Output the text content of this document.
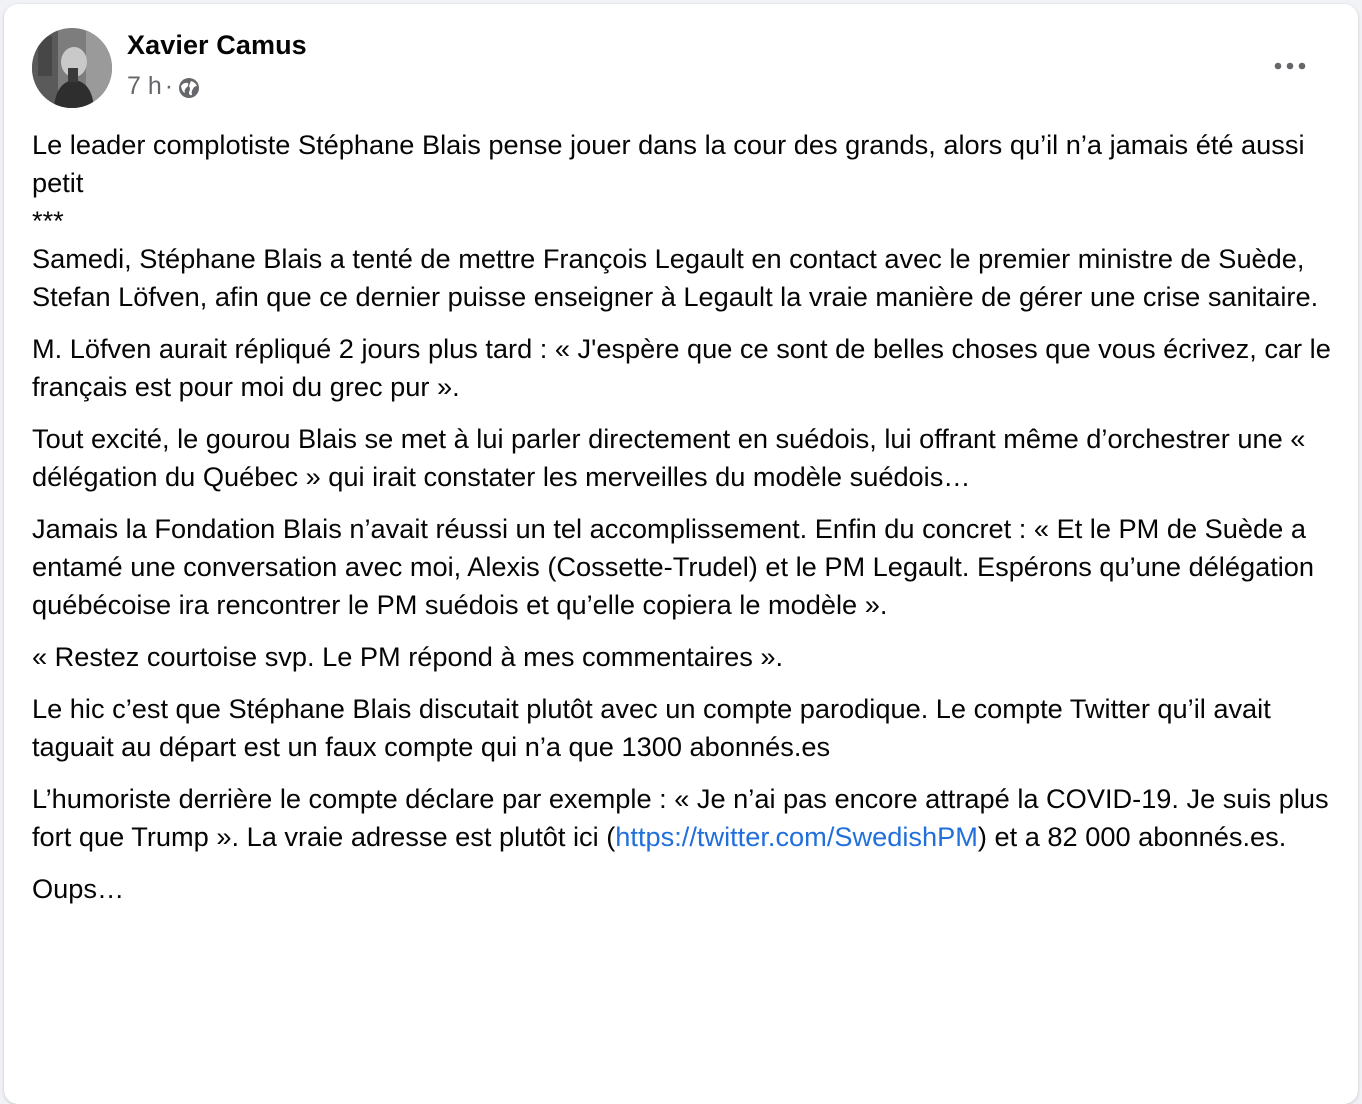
Xavier Camus
7 h ·

Le leader complotiste Stéphane Blais pense jouer dans la cour des grands, alors qu’il n’a jamais été aussi petit
***
Samedi, Stéphane Blais a tenté de mettre François Legault en contact avec le premier ministre de Suède, Stefan Löfven, afin que ce dernier puisse enseigner à Legault la vraie manière de gérer une crise sanitaire.

M. Löfven aurait répliqué 2 jours plus tard : « J'espère que ce sont de belles choses que vous écrivez, car le français est pour moi du grec pur ».

Tout excité, le gourou Blais se met à lui parler directement en suédois, lui offrant même d’orchestrer une « délégation du Québec » qui irait constater les merveilles du modèle suédois…

Jamais la Fondation Blais n’avait réussi un tel accomplissement. Enfin du concret : « Et le PM de Suède a entamé une conversation avec moi, Alexis (Cossette-Trudel) et le PM Legault. Espérons qu’une délégation québécoise ira rencontrer le PM suédois et qu’elle copiera le modèle ».

« Restez courtoise svp. Le PM répond à mes commentaires ».

Le hic c’est que Stéphane Blais discutait plutôt avec un compte parodique. Le compte Twitter qu’il avait taguait au départ est un faux compte qui n’a que 1300 abonnés.es

L’humoriste derrière le compte déclare par exemple : « Je n’ai pas encore attrapé la COVID-19. Je suis plus fort que Trump ». La vraie adresse est plutôt ici (https://twitter.com/SwedishPM) et a 82 000 abonnés.es.

Oups…
